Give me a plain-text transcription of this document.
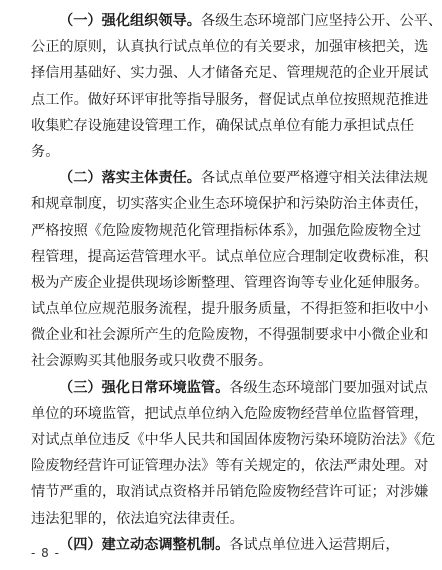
（一）强化组织领导。各级生态环境部门应坚持公开、公平、
公正的原则，认真执行试点单位的有关要求，加强审核把关，选
择信用基础好、实力强、人才储备充足、管理规范的企业开展试
点工作。做好环评审批等指导服务，督促试点单位按照规范推进
收集贮存设施建设管理工作，确保试点单位有能力承担试点任
务。
（二）落实主体责任。各试点单位要严格遵守相关法律法规
和规章制度，切实落实企业生态环境保护和污染防治主体责任，
严格按照《危险废物规范化管理指标体系》，加强危险废物全过
程管理，提高运营管理水平。试点单位应合理制定收费标准，积
极为产废企业提供现场诊断整理、管理咨询等专业化延伸服务。
试点单位应规范服务流程，提升服务质量，不得拒签和拒收中小
微企业和社会源所产生的危险废物，不得强制要求中小微企业和
社会源购买其他服务或只收费不服务。
（三）强化日常环境监管。各级生态环境部门要加强对试点
单位的环境监管，把试点单位纳入危险废物经营单位监督管理，
对试点单位违反《中华人民共和国固体废物污染环境防治法》《危
险废物经营许可证管理办法》等有关规定的，依法严肃处理。对
情节严重的，取消试点资格并吊销危险废物经营许可证；对涉嫌
违法犯罪的，依法追究法律责任。
（四）建立动态调整机制。各试点单位进入运营期后，
- 8 -
